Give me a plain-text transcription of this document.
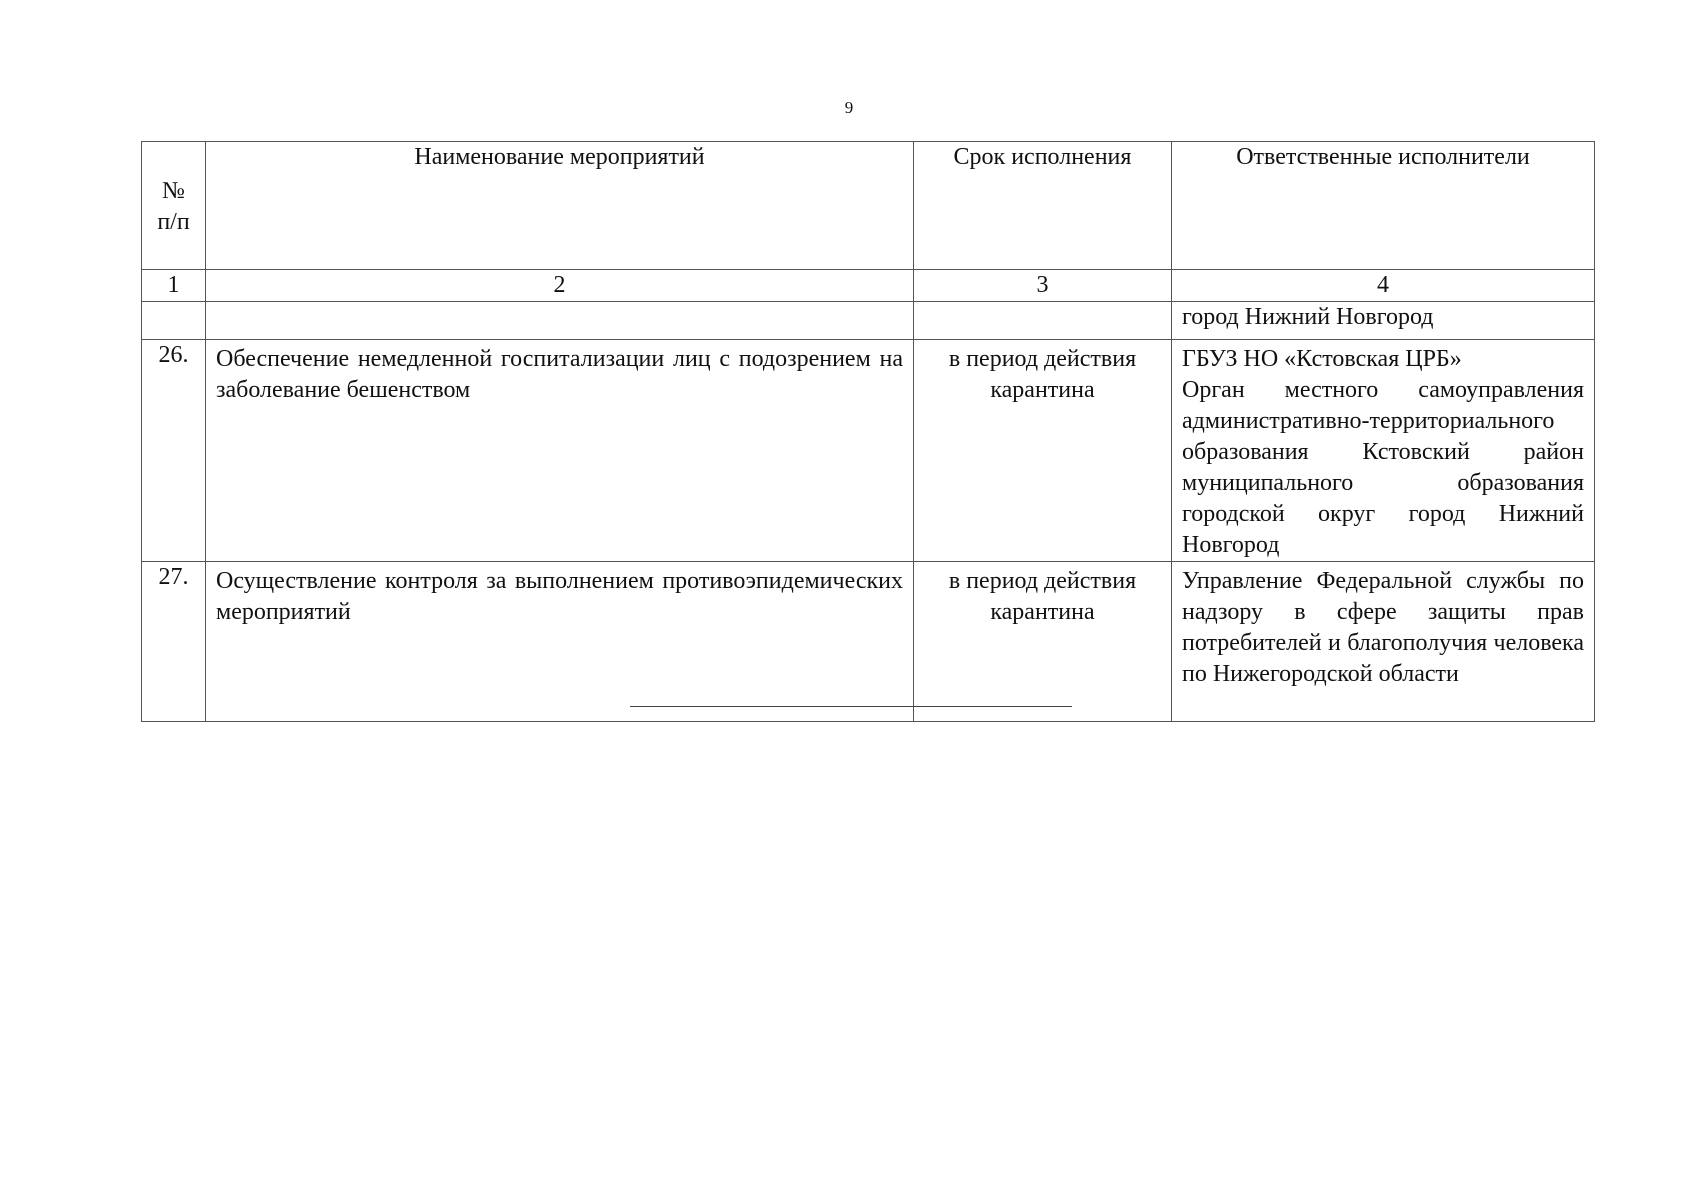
9
№ п/п	Наименование мероприятий	Срок исполнения	Ответственные исполнители
1	2	3	4
			город Нижний Новгород
26.	Обеспечение немедленной госпитализации лиц с подозрением на заболевание бешенством	в период действия карантина	ГБУЗ НО «Кстовская ЦРБ»
Орган местного самоуправления административно-территориального образования Кстовский район муниципального образования городской округ город Нижний Новгород

27.	Осуществление контроля за выполнением противоэпидемических мероприятий	в период действия карантина	Управление Федеральной службы по надзору в сфере защиты прав потребителей и благополучия человека по Нижегородской области
